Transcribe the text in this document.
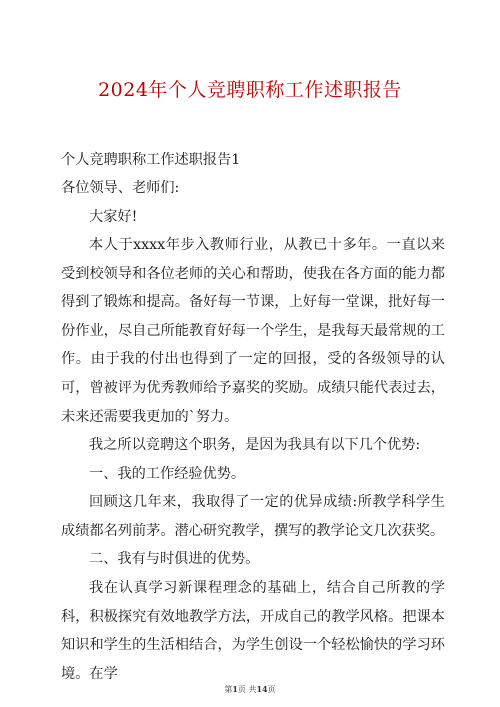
2024年个人竞聘职称工作述职报告

个人竞聘职称工作述职报告1

各位领导、老师们:

大家好!

本人于xxxx年步入教师行业，从教已十多年。一直以来受到校领导和各位老师的关心和帮助，使我在各方面的能力都得到了锻炼和提高。备好每一节课，上好每一堂课，批好每一份作业，尽自己所能教育好每一个学生，是我每天最常规的工作。由于我的付出也得到了一定的回报，受的各级领导的认可，曾被评为优秀教师给予嘉奖的奖励。成绩只能代表过去，未来还需要我更加的`努力。

我之所以竞聘这个职务，是因为我具有以下几个优势:

一、我的工作经验优势。

回顾这几年来，我取得了一定的优异成绩:所教学科学生成绩都名列前茅。潜心研究教学，撰写的教学论文几次获奖。

二、我有与时俱进的优势。

我在认真学习新课程理念的基础上，结合自己所教的学科，积极探究有效地教学方法，开成自己的教学风格。把课本知识和学生的生活相结合，为学生创设一个轻松愉快的学习环境。在学

第1页 共14页
